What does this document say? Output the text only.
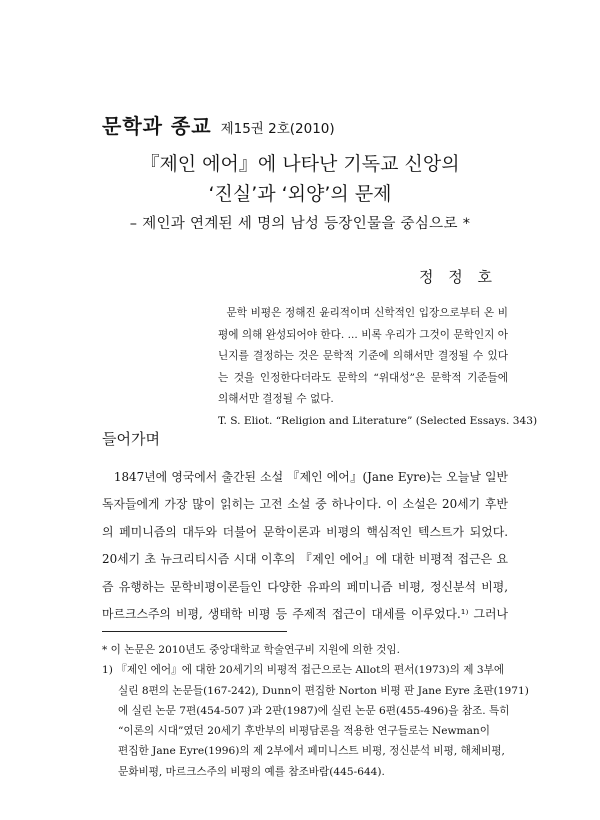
문학과 종교 제15권 2호(2010)
『제인 에어』에 나타난 기독교 신앙의
‘진실’과 ‘외양’의 문제
– 제인과 연계된 세 명의 남성 등장인물을 중심으로 *
정 정 호

문학 비평은 정해진 윤리적이며 신학적인 입장으로부터 온 비평에 의해 완성되어야 한다. ... 비록 우리가 그것이 문학인지 아닌지를 결정하는 것은 문학적 기준에 의해서만 결정될 수 있다는 것을 인정한다더라도 문학의 “위대성”은 문학적 기준들에 의해서만 결정될 수 없다.

T. S. Eliot. “Religion and Literature” (Selected Essays. 343)
들어가며
1847년에 영국에서 출간된 소설 『제인 에어』(Jane Eyre)는 오늘날 일반
독자들에게 가장 많이 읽히는 고전 소설 중 하나이다. 이 소설은 20세기 후반
의 페미니즘의 대두와 더불어 문학이론과 비평의 핵심적인 텍스트가 되었다.
20세기 초 뉴크리티시즘 시대 이후의 『제인 에어』에 대한 비평적 접근은 요
즘 유행하는 문학비평이론들인 다양한 유파의 페미니즘 비평, 정신분석 비평,
마르크스주의 비평, 생태학 비평 등 주제적 접근이 대세를 이루었다.¹⁾ 그러나
* 이 논문은 2010년도 중앙대학교 학술연구비 지원에 의한 것임.
1) 『제인 에어』에 대한 20세기의 비평적 접근으로는 Allot의 편서(1973)의 제 3부에
실린 8편의 논문들(167-242), Dunn이 편집한 Norton 비평 판 Jane Eyre 초판(1971)
에 실린 논문 7편(454-507 )과 2판(1987)에 실린 논문 6편(455-496)을 참조. 특히
“이론의 시대”였던 20세기 후반부의 비평담론을 적용한 연구들로는 Newman이
편집한 Jane Eyre(1996)의 제 2부에서 페미니스트 비평, 정신분석 비평, 해체비평,
문화비평, 마르크스주의 비평의 예를 참조바람(445-644).
